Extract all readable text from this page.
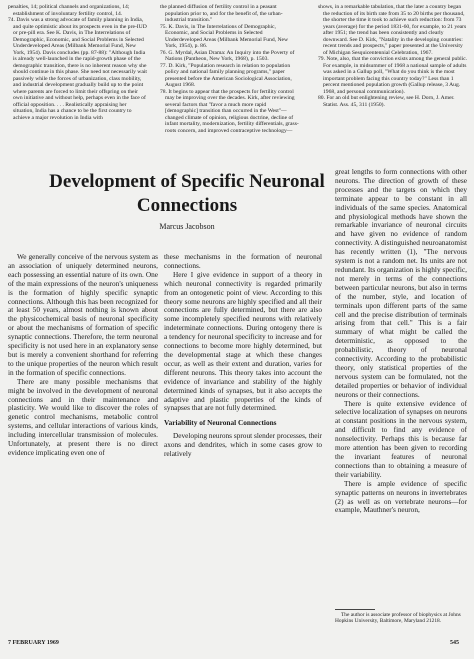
penalties, 14; political channels and organizations, 14; establishment of involuntary fertility control, 14.

74. Davis was a strong advocate of family planning in India, and quite optimistic about its prospects even in the pre-IUD or pre-pill era. See K. Davis, in The Interrelations of Demographic, Economic, and Social Problems in Selected Underdeveloped Areas (Milbank Memorial Fund, New York, 1954). Davis concludes (pp. 87-88): "Although India is already well-launched in the rapid-growth phase of the demographic transition, there is no inherent reason why she should continue in this phase. She need not necessarily wait passively while the forces of urbanization, class mobility, and industrial development gradually build up to the point where parents are forced to limit their offspring on their own initiative and without help, perhaps even in the face of official opposition. . . . Realistically appraising her situation, India has a chance to be the first country to achieve a major revolution in India with

the planned diffusion of fertility control in a peasant population prior to, and for the benefit of, the urban-industrial transition."

75. K. Davis, in The Interrelations of Demographic, Economic, and Social Problems in Selected Underdeveloped Areas (Milbank Memorial Fund, New York, 1954), p. 86.

76. G. Myrdal, Asian Drama: An Inquiry into the Poverty of Nations (Pantheon, New York, 1968), p. 1503.

77. D. Kirk, "Population research in relation to population policy and national family planning programs," paper presented before the American Sociological Association, August 1968.

78. It begins to appear that the prospects for fertility control may be improving over the decades. Kirk, after reviewing several factors that "favor a much more rapid [demographic] transition than occurred in the West"—changed climate of opinion, religious doctrine, decline of infant mortality, modernization, fertility differentials, grass-roots concern, and improved contraceptive technology—

shows, in a remarkable tabulation, that the later a country began the reduction of its birth rate from 35 to 20 births per thousand, the shorter the time it took to achieve such reduction: from 73 years (average) for the period 1831-60, for example, to 21 years after 1951; the trend has been consistently and clearly downward. See D. Kirk, "Natality in the developing countries: recent trends and prospects," paper presented at the University of Michigan Sesquicentennial Celebration, 1967.

79. Note, also, that the conviction exists among the general public. For example, in midsummer of 1968 a national sample of adults was asked in a Gallup poll, "What do you think is the most important problem facing this country today?" Less than 1 percent mentioned population growth (Gallup release, 3 Aug. 1968, and personal communication).

80. For an old but enlightening review, see H. Dorn, J. Amer. Statist. Ass. 45, 311 (1950).

Development of Specific Neuronal Connections
Marcus Jacobson

We generally conceive of the nervous system as an association of uniquely determined neurons, each possessing an essential nature of its own. One of the main expressions of the neuron's uniqueness is the formation of highly specific synaptic connections. Although this has been recognized for at least 50 years, almost nothing is known about the physicochemical basis of neuronal specificity or about the mechanisms of formation of specific synaptic connections. Therefore, the term neuronal specificity is not used here in an explanatory sense but is merely a convenient shorthand for referring to the unique properties of the neuron which result in the formation of specific connections.

There are many possible mechanisms that might be involved in the development of neuronal connections and in their maintenance and plasticity. We would like to discover the roles of genetic control mechanisms, metabolic control systems, and cellular interactions of various kinds, including intercellular transmission of molecules. Unfortunately, at present there is no direct evidence implicating even one of

these mechanisms in the formation of neuronal connections.

Here I give evidence in support of a theory in which neuronal connectivity is regarded primarily from an ontogenetic point of view. According to this theory some neurons are highly specified and all their connections are fully determined, but there are also some incompletely specified neurons with relatively indeterminate connections. During ontogeny there is a tendency for neuronal specificity to increase and for connections to become more highly determined, but the developmental stage at which these changes occur, as well as their extent and duration, varies for different neurons. This theory takes into account the evidence of invariance and stability of the highly determined kinds of synapses, but it also accepts the adaptive and plastic properties of the kinds of synapses that are not fully determined.

Variability of Neuronal Connections

Developing neurons sprout slender processes, their axons and dendrites, which in some cases grow to relatively

great lengths to form connections with other neurons. The direction of growth of these processes and the targets on which they terminate appear to be constant in all individuals of the same species. Anatomical and physiological methods have shown the remarkable invariance of neuronal circuits and have given no evidence of random connectivity. A distinguished neuroanatomist has recently written (1), "The nervous system is not a random net. Its units are not redundant. Its organization is highly specific, not merely in terms of the connections between particular neurons, but also in terms of the number, style, and location of terminals upon different parts of the same cell and the precise distribution of terminals arising from that cell." This is a fair summary of what might be called the deterministic, as opposed to the probabilistic, theory of neuronal connectivity. According to the probabilistic theory, only statistical properties of the nervous system can be formulated, not the detailed properties or behavior of individual neurons or their connections.

There is quite extensive evidence of selective localization of synapses on neurons at constant positions in the nervous system, and difficult to find any evidence of nonselectivity. Perhaps this is because far more attention has been given to recording the invariant features of neuronal connections than to obtaining a measure of their variability.

There is ample evidence of specific synaptic patterns on neurons in invertebrates (2) as well as on vertebrate neurons—for example, Mauthner's neuron,

The author is associate professor of biophysics at Johns Hopkins University, Baltimore, Maryland 21218.
7 FEBRUARY 1969	545
